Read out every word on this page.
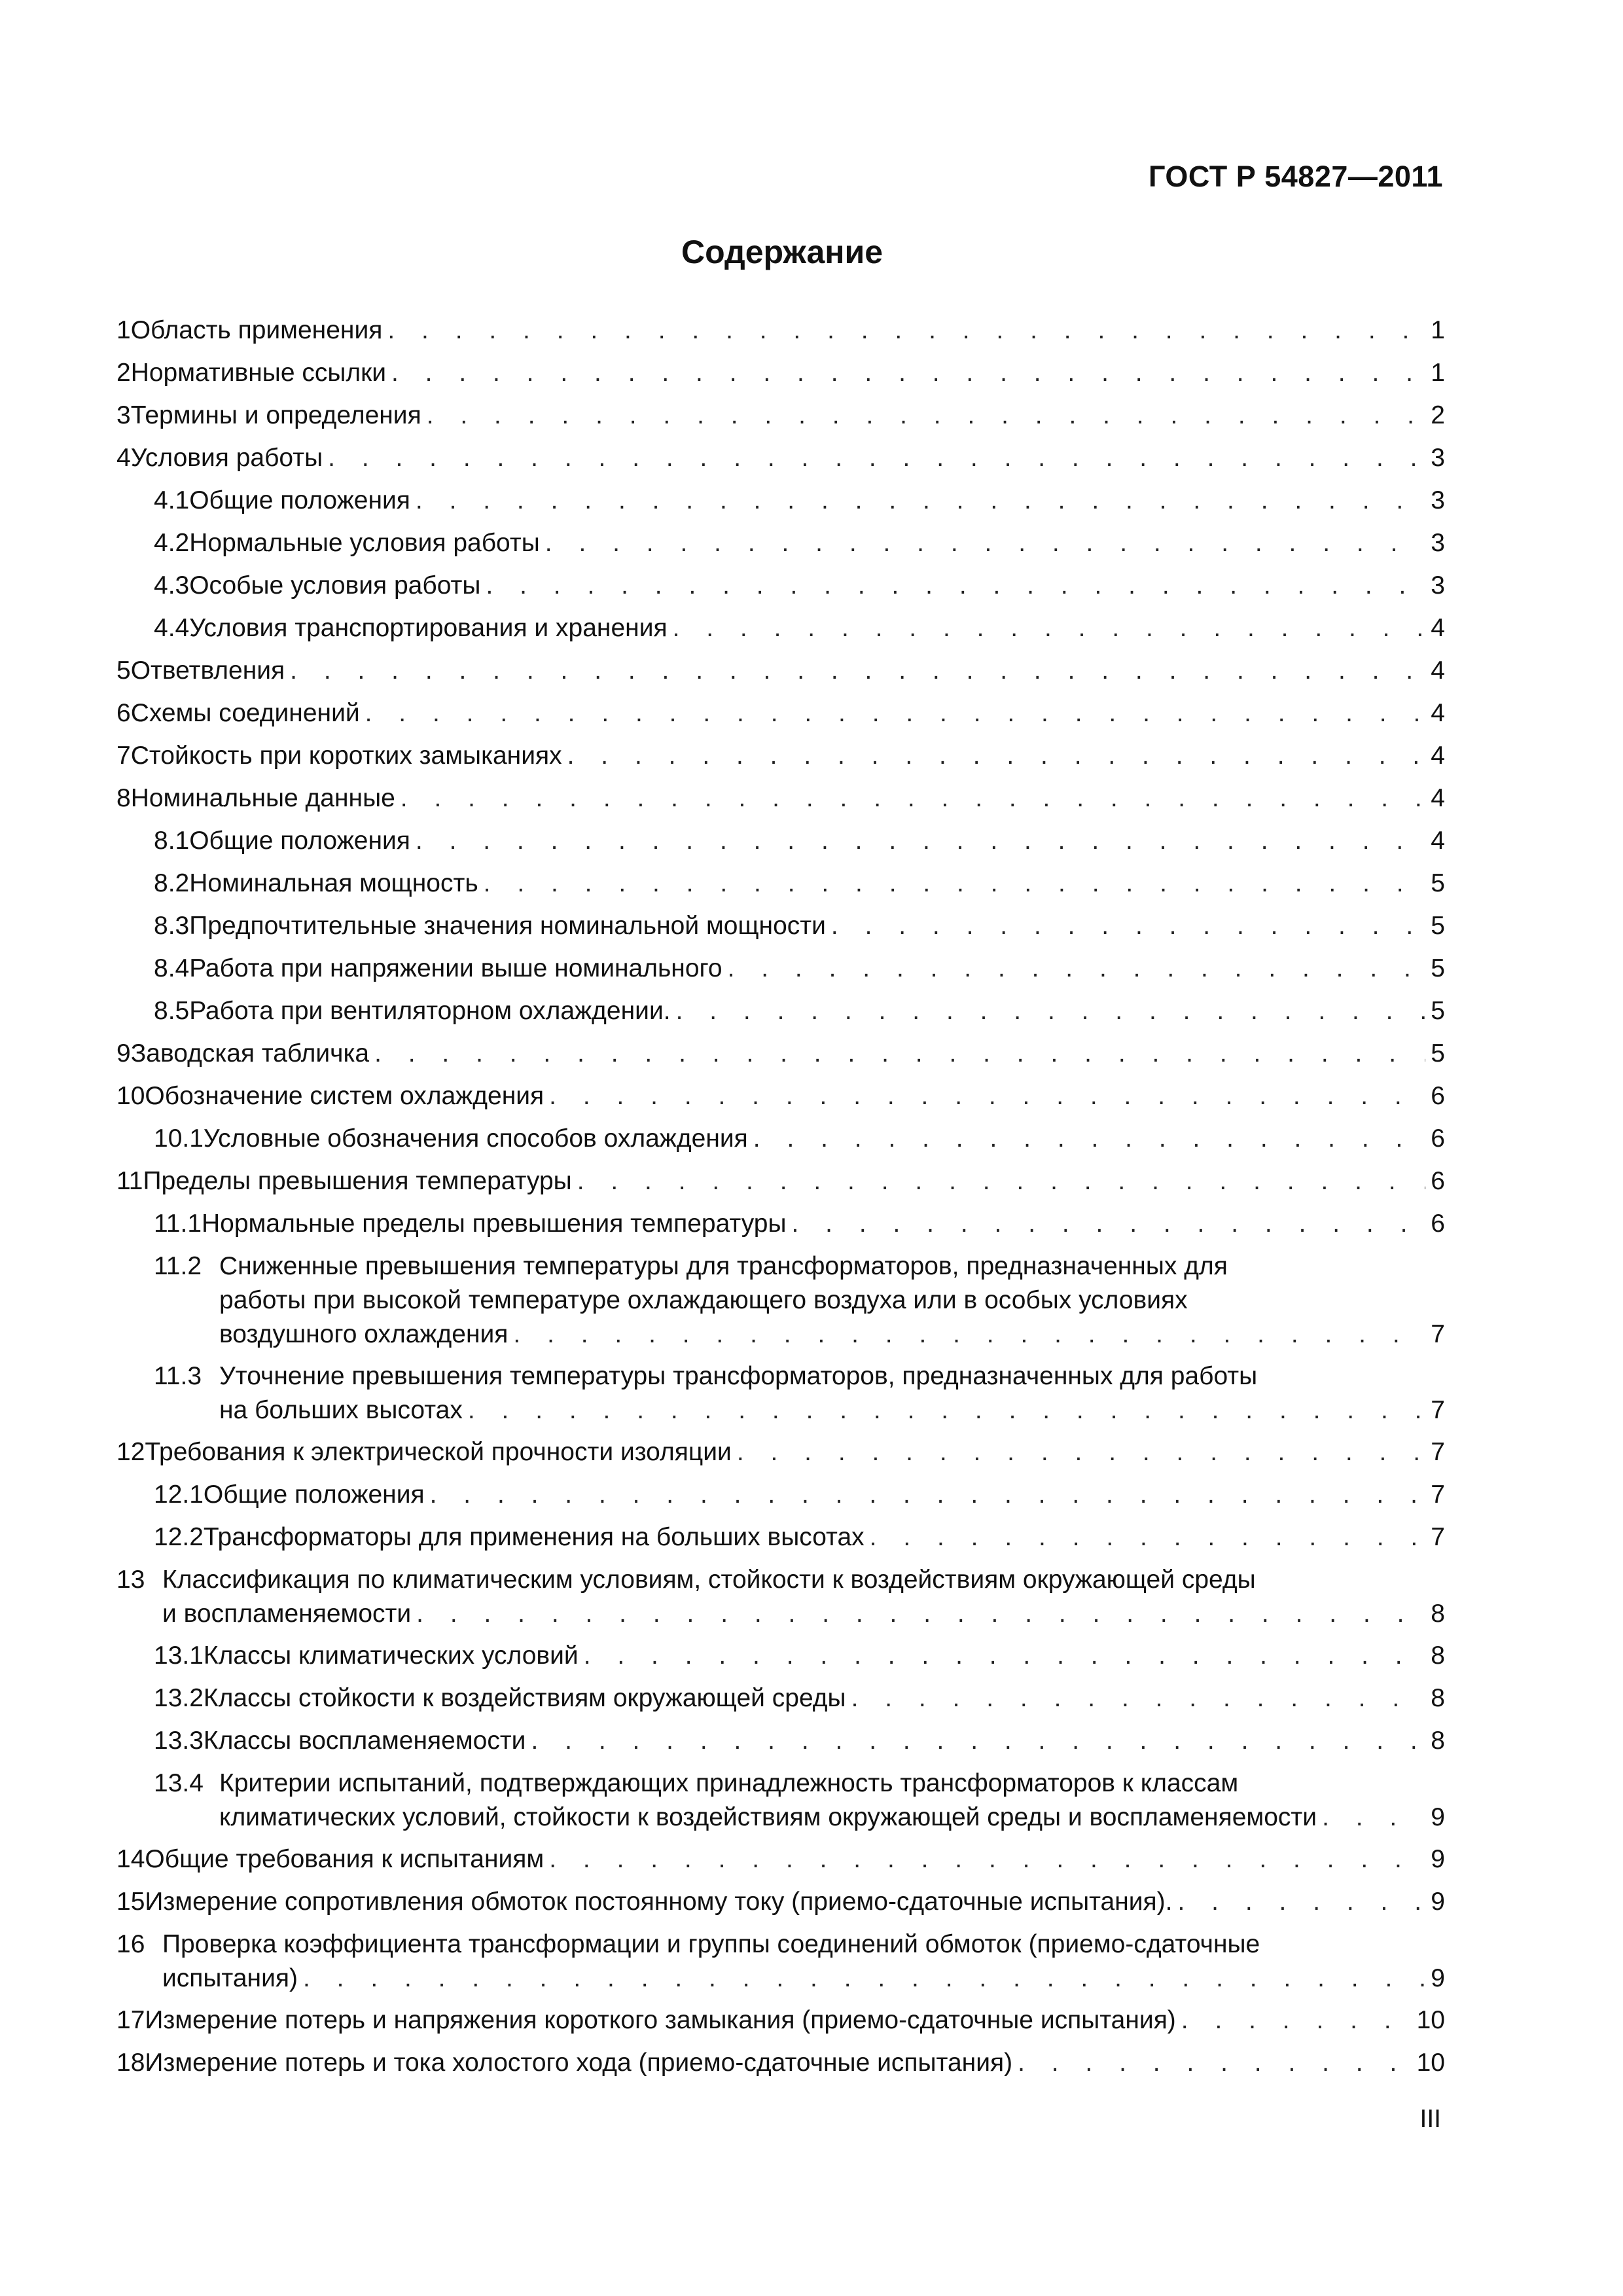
ГОСТ Р 54827—2011
Содержание
1 Область применения . . .	1
2 Нормативные ссылки . . .	1
3 Термины и определения . . .	2
4 Условия работы . . .	3
4.1 Общие положения . . .	3
4.2 Нормальные условия работы . . .	3
4.3 Особые условия работы . . .	3
4.4 Условия транспортирования и хранения . . .	4
5 Ответвления . . .	4
6 Схемы соединений . . .	4
7 Стойкость при коротких замыканиях . . .	4
8 Номинальные данные . . .	4
8.1 Общие положения . . .	4
8.2 Номинальная мощность . . .	5
8.3 Предпочтительные значения номинальной мощности . . .	5
8.4 Работа при напряжении выше номинального . . .	5
8.5 Работа при вентиляторном охлаждении. . . .	5
9 Заводская табличка . . .	5
10 Обозначение систем охлаждения . . .	6
10.1 Условные обозначения способов охлаждения . . .	6
11 Пределы превышения температуры . . .	6
11.1 Нормальные пределы превышения температуры . . .	6
11.2 Сниженные превышения температуры для трансформаторов, предназначенных для
работы при высокой температуре охлаждающего воздуха или в особых условиях
воздушного охлаждения . . .	7
11.3 Уточнение превышения температуры трансформаторов, предназначенных для работы
на больших высотах . . .	7
12 Требования к электрической прочности изоляции . . .	7
12.1 Общие положения . . .	7
12.2 Трансформаторы для применения на больших высотах . . .	7
13 Классификация по климатическим условиям, стойкости к воздействиям окружающей среды
и воспламеняемости . . .	8
13.1 Классы климатических условий . . .	8
13.2 Классы стойкости к воздействиям окружающей среды . . .	8
13.3 Классы воспламеняемости . . .	8
13.4 Критерии испытаний, подтверждающих принадлежность трансформаторов к классам
климатических условий, стойкости к воздействиям окружающей среды и воспламеняемости . . .	9
14 Общие требования к испытаниям . . .	9
15 Измерение сопротивления обмоток постоянному току (приемо-сдаточные испытания). . . .	9
16 Проверка коэффициента трансформации и группы соединений обмоток (приемо-сдаточные
испытания) . . .	9
17 Измерение потерь и напряжения короткого замыкания (приемо-сдаточные испытания) . . .	10
18 Измерение потерь и тока холостого хода (приемо-сдаточные испытания) . . .	10
III
